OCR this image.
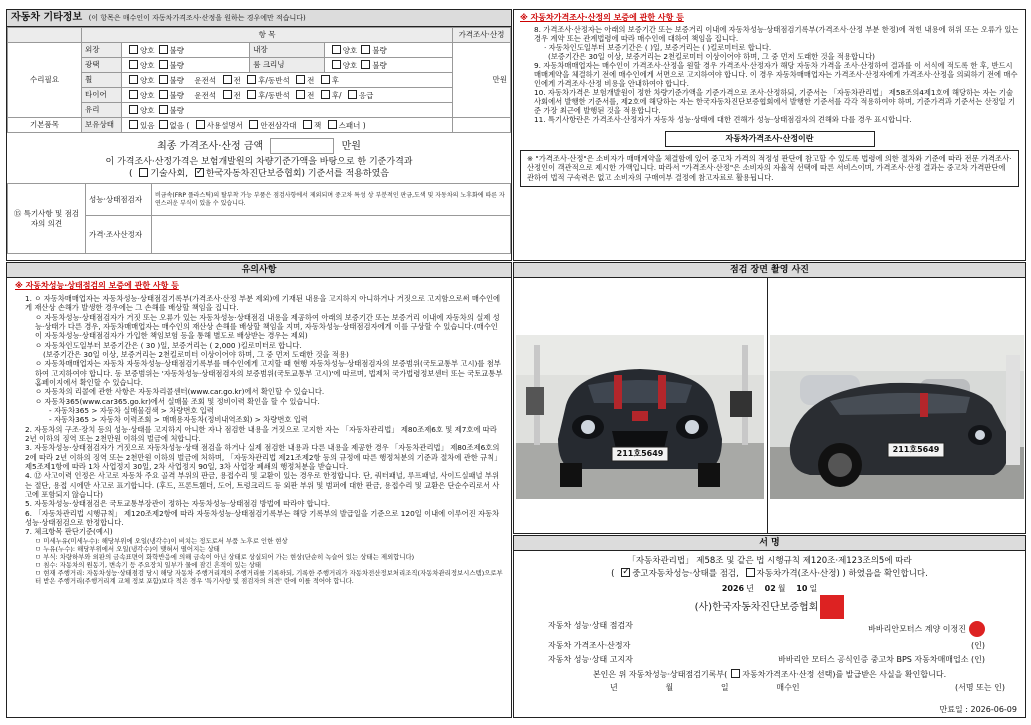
자동차 기타정보 (이 항목은 매수인이 자동차가격조사·산정을 원하는 경우에만 적습니다)
	항 목				가격조사·산정
수리필요	외장	양호 불량	내장	양호 불량	만원
	광택	양호 불량	룸 크리닝	양호 불량	
	휠	양호 불량 운전석 전 후/동반석 전 후			
	타이어	양호 불량 운전석 전 후/동반석 전 후/ 응급			
	유리	양호 불량			
기본품목	보유상태	있음 없음 ( 사용설명서 안전삼각대 잭 스패너 )			
최종 가격조사·산정 금액	만원
이 가격조사·산정가격은 보험개발원의 차량기준가액을 바탕으로 한 기준가격과
( 기술사회, ✓ 한국자동차진단보증협회) 기준서를 적용하였음
⑮ 특기사항 및 점검자의 의견	성능·상태점검자	비금속(FRP 플라스틱)의 탈부착 가능 부품은 점검사항에서 제외되며 중고차 특성 상 부분적인 판금,도색 및 자동차의 노후화에 따른 자연스러운 부식이 있을 수 있습니다.
	가격·조사산정자	
※ 자동차가격조사·산정의 보증에 관한 사항 등
8. 가격조사·산정자는 아래의 보증기간 또는 보증거리 이내에 자동차성능·상태점검기록부(가격조사·산정 부분 한정)에 적힌 내용에 허위 또는 오류가 있는 경우 계약 또는 관계법령에 따라 매수인에 대하여 책임을 집니다.
· 자동차인도일부터 보증기간은 ( )일, 보증거리는 ( )킬로미터로 합니다.
(보증기간은 30일 이상, 보증거리는 2천킬로미터 이상이어야 하며, 그 중 먼저 도래한 것을 적용합니다)
9. 자동차매매업자는 매수인이 가격조사·산정을 원할 경우 가격조사·산정자가 해당 자동차 가격을 조사·산정하여 결과를 이 서식에 적도록 한 후, 반드시 매매계약을 체결하기 전에 매수인에게 서면으로 고지하여야 합니다. 이 경우 자동차매매업자는 가격조사·산정자에게 가격조사·산정을 의뢰하기 전에 매수인에게 가격조사·산정 비용을 안내하여야 합니다.
10. 자동차가격은 보험개발원이 정한 차량기준가액을 기준가격으로 조사·산정하되, 기준서는 「자동차관리법」 제58조의4제1호에 해당하는 자는 기술사회에서 발행한 기준서를, 제2호에 해당하는 자는 한국자동차진단보증협회에서 발행한 기준서를 각각 적용하여야 하며, 기준가격과 기준서는 산정일 기준 가장 최근에 발행된 것을 적용합니다.
11. 특기사항란은 가격조사·산정자가 자동차 성능·상태에 대한 견해가 성능·상태점검자의 견해와 다를 경우 표시합니다.
자동차가격조사·산정이란
※ "가격조사·산정"은 소비자가 매매계약을 체결함에 있어 중고차 가격의 적정성 판단에 참고할 수 있도록 법령에 의한 절차와 기준에 따라 전문 가격조사·산정인이 객관적으로 제시한 가액입니다. 따라서 "가격조사·산정"은 소비자의 자율적 선택에 따른 서비스이며, 가격조사·산정 결과는 중고차 가격판단에 관하여 법적 구속력은 없고 소비자의 구매여부 결정에 참고자료로 활용됩니다.
유의사항
※ 자동차성능·상태점검의 보증에 관한 사항 등
1. ㅇ 자동차매매업자는 자동차성능·상태점검기록부(가격조사·산정 부분 제외)에 기재된 내용을 고지하지 아니하거나 거짓으로 고지함으로써 매수인에게 재산상 손해가 발생한 경우에는 그 손해를 배상할 책임을 집니다.
ㅇ 자동차성능·상태점검자가 거짓 또는 오류가 있는 자동차성능·상태점검 내용을 제공하여 아래의 보증기간 또는 보증거리 이내에 자동차의 실제 성능·상태가 다른 경우, 자동차매매업자는 매수인의 재산상 손해를 배상할 책임을 지며, 자동차성능·상태점검자에게 이를 구상할 수 있습니다.(매수인이 자동차성능·상태점검자가 가입한 책임보험 등을 통해 별도로 배상받는 경우는 제외)
ㅇ 자동차인도일부터 보증기간은 ( 30 )일, 보증거리는 ( 2,000 )킬로미터로 합니다.
(보증기간은 30일 이상, 보증거리는 2천킬로미터 이상이어야 하며, 그 중 먼저 도래한 것을 적용)
ㅇ 자동차매매업자는 자동차 자동차성능·상태점검기록부를 매수인에게 고지할 때 현행 자동차성능·상태점검자의 보증범위(국토교통부 고시)를 첨부하여 고지하여야 합니다. 동 보증범위는 '자동차성능·상태점검자의 보증범위(국토교통부 고시)'에 따르며, 법제처 국가법령정보센터 또는 국토교통부 홈페이지에서 확인할 수 있습니다.
ㅇ 자동차의 리콜에 관한 사항은 자동차리콜센터(www.car.go.kr)에서 확인할 수 있습니다.
ㅇ 자동차365(www.car365.go.kr)에서 실매물 조회 및 정비이력 확인을 할 수 있습니다.
- 자동차365 > 자동차 실매물검색 > 차량번호 입력
- 자동차365 > 자동차 이력조회 > 매매용자동차(정비내역조회) > 차량번호 입력
2. 자동차의 구조·장치 등의 성능·상태를 고지하지 아니한 자나 점검한 내용을 거짓으로 고지한 자는 「자동차관리법」 제80조제6호 및 제7호에 따라 2년 이하의 징역 또는 2천만원 이하의 벌금에 처합니다.
3. 자동차성능·상태점검자가 거짓으로 자동차성능·상태 점검을 하거나 실제 점검한 내용과 다른 내용을 제공한 경우 「자동차관리법」 제80조제6호의2에 따라 2년 이하의 징역 또는 2천만원 이하의 벌금에 처하며, 「자동차관리법 제21조제2항 등의 규정에 따른 행정처분의 기준과 절차에 관한 규칙」 제5조제1항에 따라 1차 사업정지 30일, 2차 사업정지 90일, 3차 사업장 폐쇄의 행정처분을 받습니다.
4. ⑫ 사고이력 인정은 사고로 자동차 주요 골격 부위의 판금, 용접수리 및 교환이 있는 경우로 한정합니다. 단, 쿼터패널, 루프패널, 사이드실패널 부위는 절단, 용접 시에만 사고로 표기합니다. (후드, 프론트휀더, 도어, 트렁크리드 등 외판 부위 및 범퍼에 대한 판금, 용접수리 및 교환은 단순수리로서 사고에 포함되지 않습니다)
5. 자동차성능·상태점검은 국토교통부장관이 정하는 자동차성능·상태점검 방법에 따라야 합니다.
6. 「자동차관리법 시행규칙」 제120조제2항에 따라 자동차성능·상태점검기록부는 해당 기록부의 발급일을 기준으로 120일 이내에 이루어진 자동차 성능·상태점검으로 한정합니다.
7. 체크항목 판단기준(예시)
ㅁ 미세누유(미세누수): 해당부위에 오일(냉각수)이 비치는 정도로서 부품 노후로 인한 현상
ㅁ 누유(누수): 해당부위에서 오일(냉각수)이 맺혀서 떨어지는 상태
ㅁ 부식: 차량하부와 외판의 금속표면이 화학반응에 의해 금속이 아닌 상태로 상실되어 가는 현상(단순히 녹슬어 있는 상태는 제외합니다)
ㅁ 침수: 자동차의 원동기, 변속기 등 주요장치 일부가 물에 잠긴 흔적이 있는 상태
ㅁ 현재 주행거리: 자동차성능·상태점검 당시 해당 자동차 주행거리계의 주행거리를 기록하되, 기록한 주행거리가 자동차전산정보처리조직(자동차관리정보시스템)으로부터 받은 주행거리(주행거리계 교체 정보 포함)보다 적은 경우 '특기사항 및 점검자의 의견' 란에 이를 적어야 합니다.
점검 장면 촬영 사진
211호5649	211호5649
서 명
「자동차관리법」 제58조 및 같은 법 시행규칙 제120조·제123조의5에 따라
( ✓중고자동차성능·상태를 점검, 자동차가격(조사·산정) ) 하였음을 확인합니다.
2026 년 02 월 10 일
(사)한국자동차진단보증협회
자동차 성능·상태 점검자	바바리안모터스 계양 이정진
자동차 가격조사·산정자	(인)
자동차 성능·상태 고지자	바바리안 모터스 공식인증 중고차 BPS 자동차매매업소 (인)
본인은 위 자동차성능·상태점검기록부( 자동차가격조사·산정 선택)를 발급받은 사실을 확인합니다.
년	월	일	매수인	(서명 또는 인)
만료일 : 2026-06-09
